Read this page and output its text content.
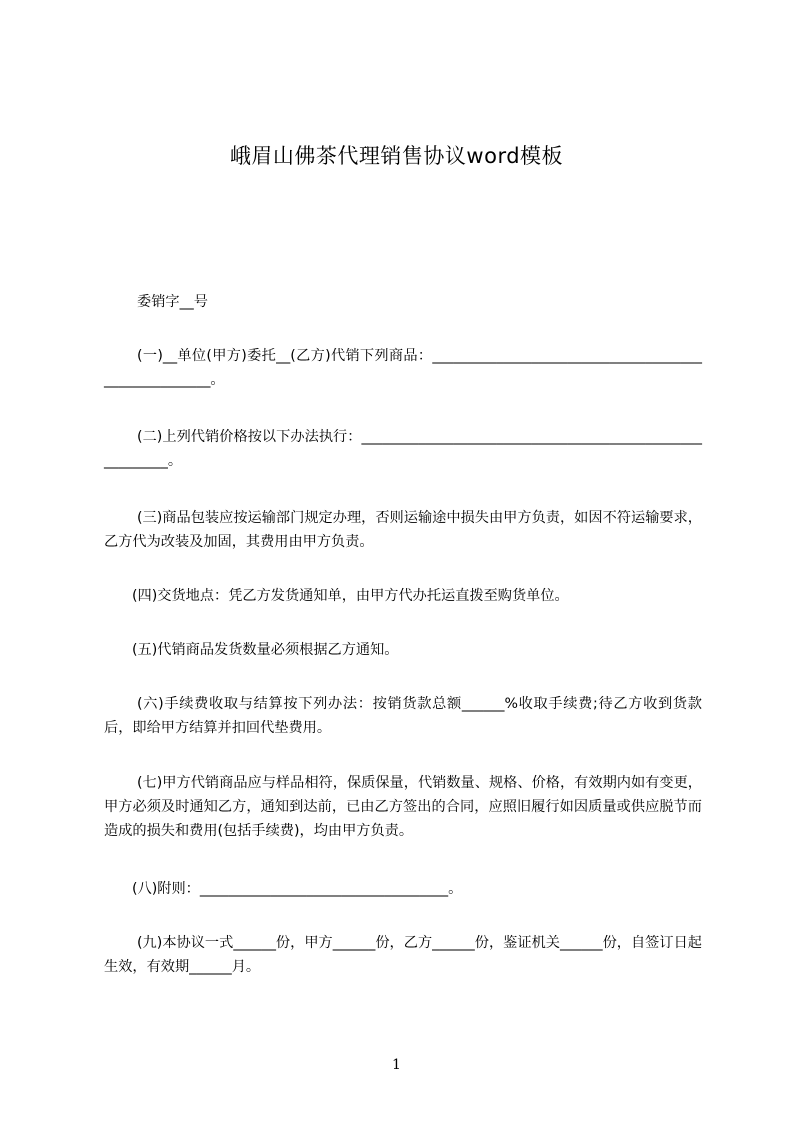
峨眉山佛茶代理销售协议word模板
委销字__号
(一)__单位(甲方)委托__(乙方)代销下列商品：_____________________________________________________。
(二)上列代销价格按以下办法执行：_________________________________________________________。
(三)商品包装应按运输部门规定办理，否则运输途中损失由甲方负责，如因不符运输要求，乙方代为改装及加固，其费用由甲方负责。
(四)交货地点：凭乙方发货通知单，由甲方代办托运直拨至购货单位。
(五)代销商品发货数量必须根据乙方通知。
(六)手续费收取与结算按下列办法：按销货款总额______%收取手续费;待乙方收到货款后，即给甲方结算并扣回代垫费用。
(七)甲方代销商品应与样品相符，保质保量，代销数量、规格、价格，有效期内如有变更，甲方必须及时通知乙方，通知到达前，已由乙方签出的合同，应照旧履行如因质量或供应脱节而造成的损失和费用(包括手续费)，均由甲方负责。
(八)附则：___________________________________。
(九)本协议一式______份，甲方______份，乙方______份，鉴证机关______份，自签订日起生效，有效期______月。
1
